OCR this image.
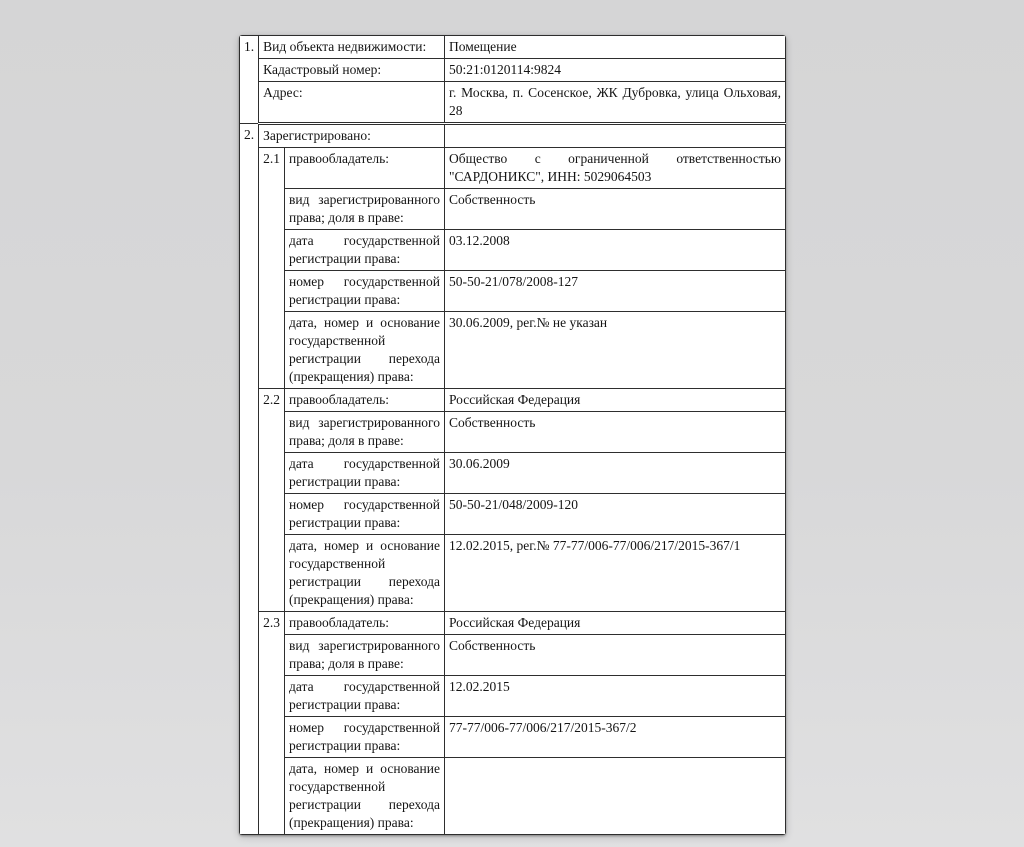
1.	Вид объекта недвижимости:		Помещение
	Кадастровый номер:		50:21:0120114:9824
	Адрес:		г. Москва, п. Сосенское, ЖК Дубровка, улица Ольховая, 28
2.	Зарегистрировано:		
	2.1	правообладатель:	Общество с ограниченной ответственностью "САРДОНИКС", ИНН: 5029064503
		вид зарегистрированного права; доля в праве:	Собственность
		дата государственной регистрации права:	03.12.2008
		номер государственной регистрации права:	50-50-21/078/2008-127
		дата, номер и основание государственной регистрации перехода (прекращения) права:	30.06.2009, рег.№ не указан
	2.2	правообладатель:	Российская Федерация
		вид зарегистрированного права; доля в праве:	Собственность
		дата государственной регистрации права:	30.06.2009
		номер государственной регистрации права:	50-50-21/048/2009-120
		дата, номер и основание государственной регистрации перехода (прекращения) права:	12.02.2015, рег.№ 77-77/006-77/006/217/2015-367/1
	2.3	правообладатель:	Российская Федерация
		вид зарегистрированного права; доля в праве:	Собственность
		дата государственной регистрации права:	12.02.2015
		номер государственной регистрации права:	77-77/006-77/006/217/2015-367/2
		дата, номер и основание государственной регистрации перехода (прекращения) права:	
